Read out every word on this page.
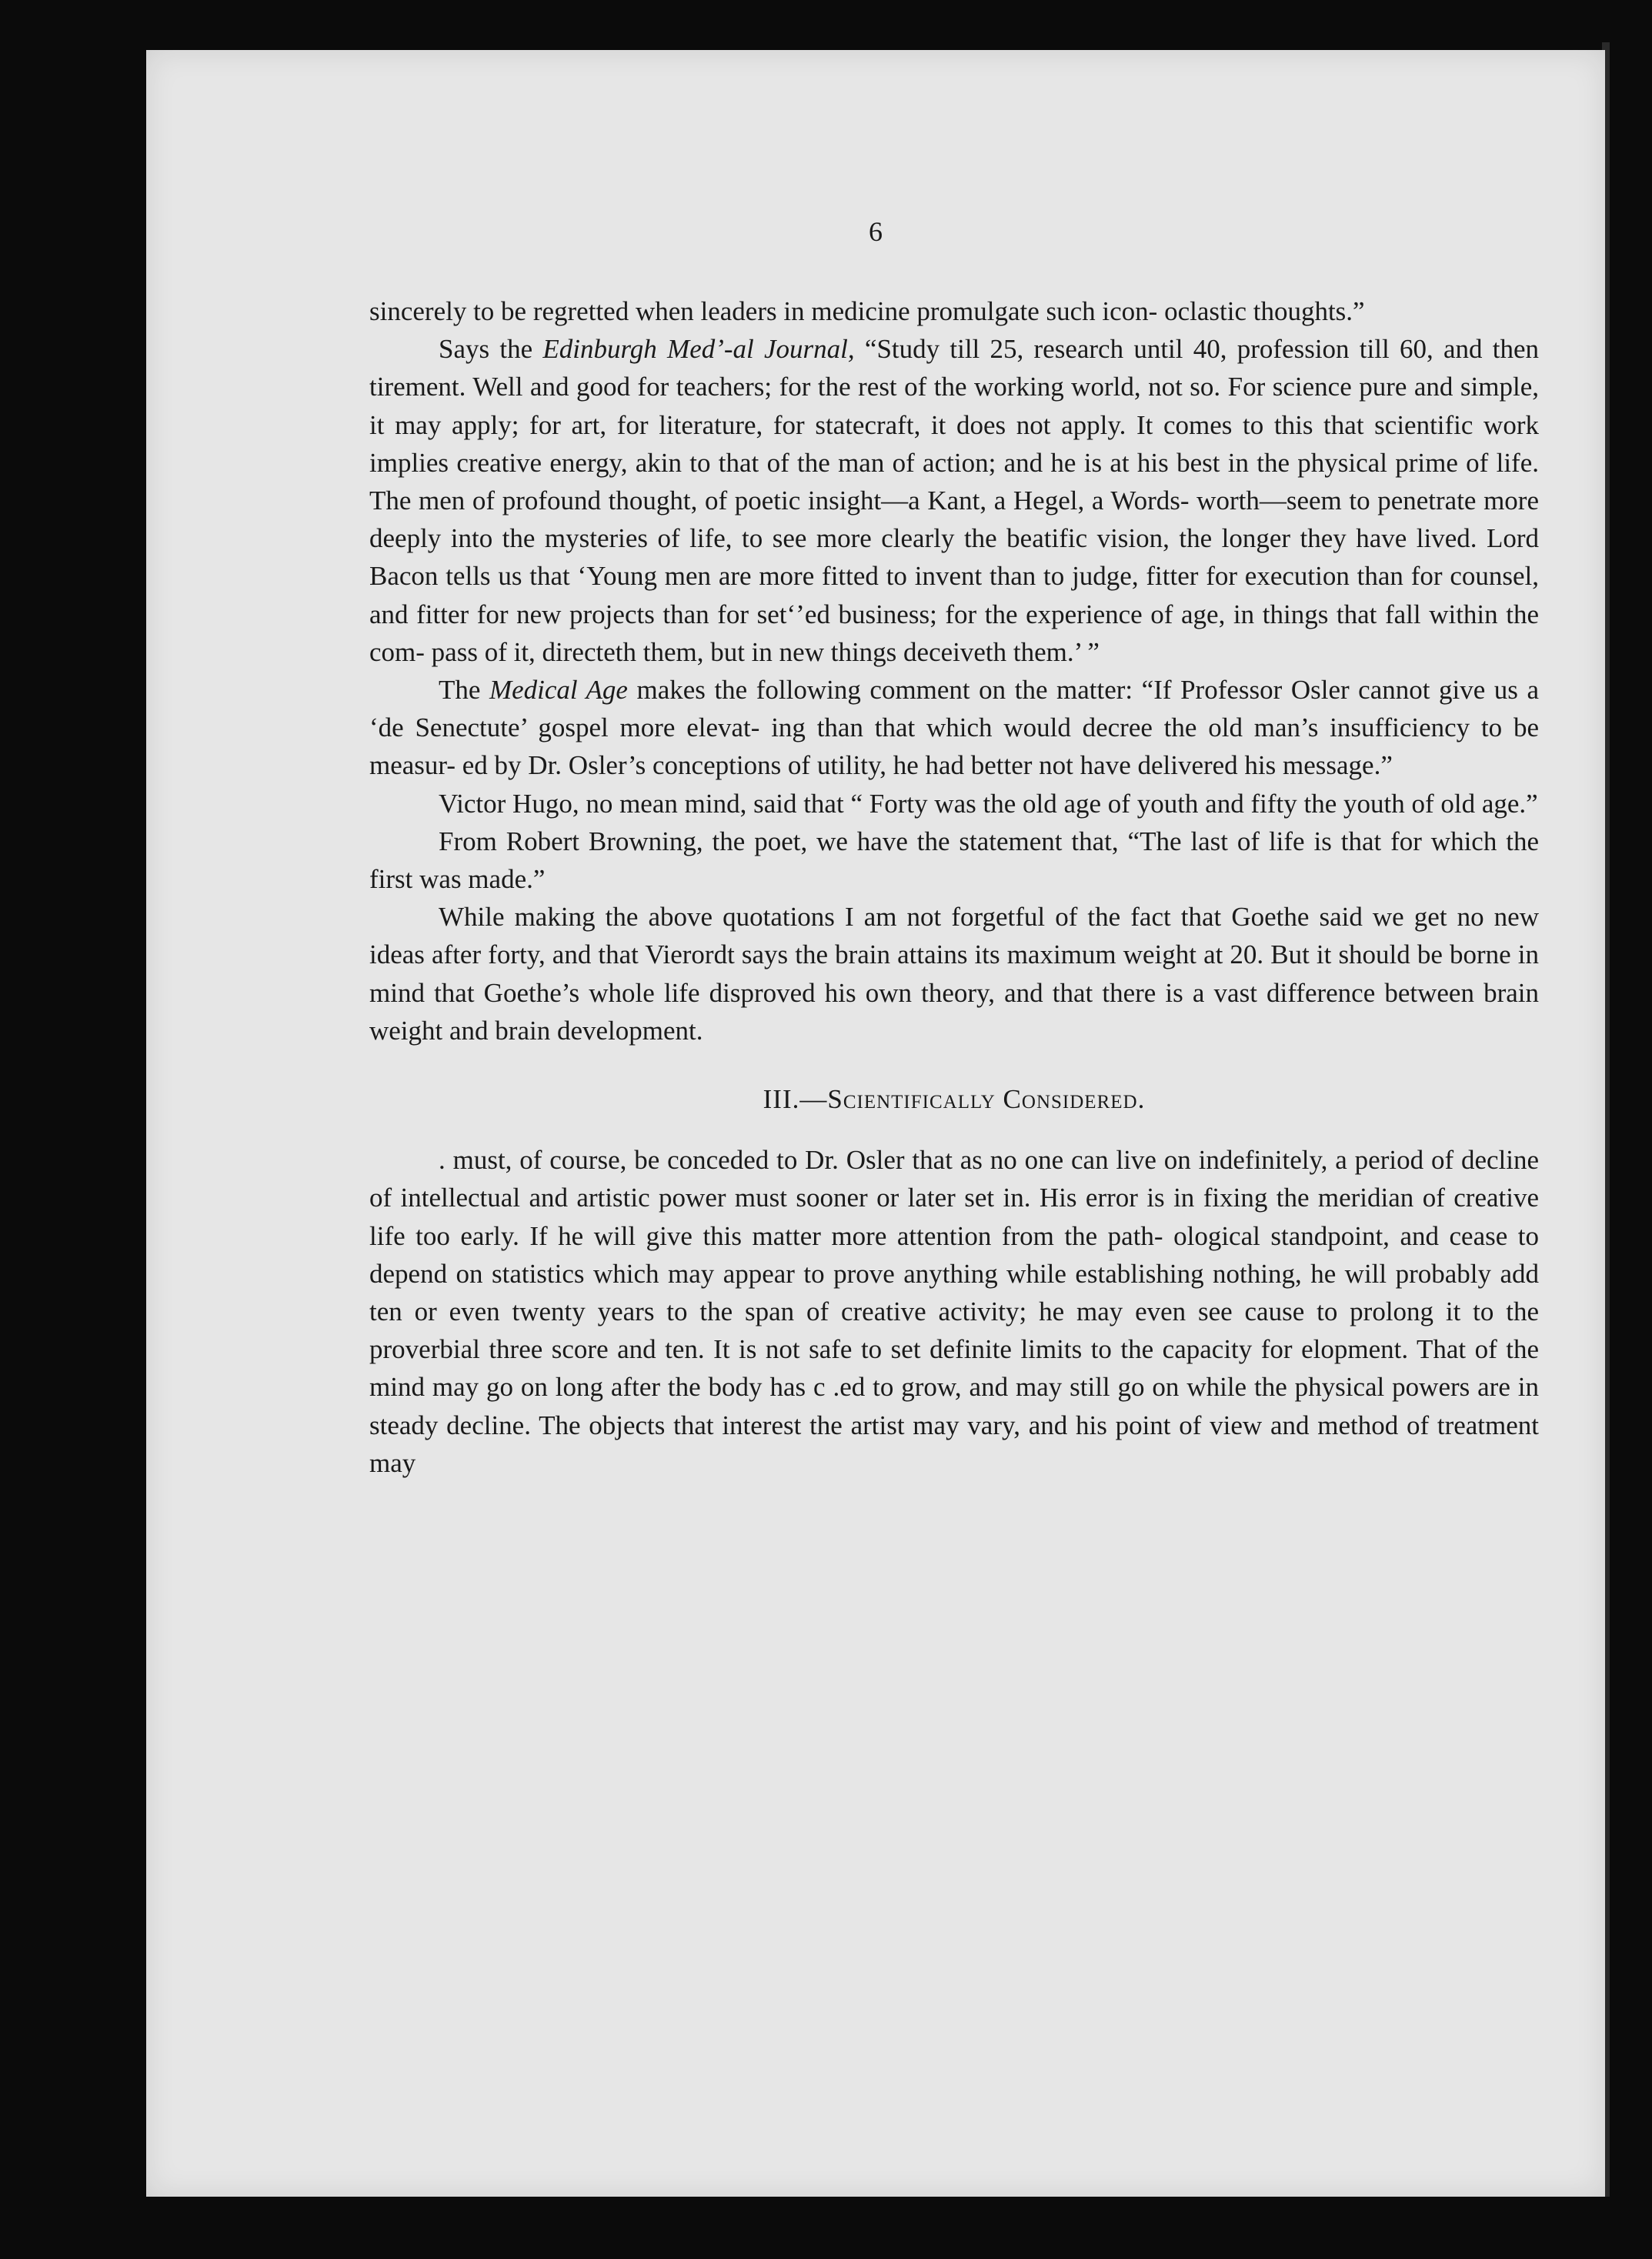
6

sincerely to be regretted when leaders in medicine promulgate such icon- oclastic thoughts.”

Says the Edinburgh Medʼ-al Journal, “Study till 25, research until 40, profession till 60, and then tirement. Well and good for teachers; for the rest of the working world, not so. For science pure and simple, it may apply; for art, for literature, for statecraft, it does not apply. It comes to this that scientific work implies creative energy, akin to that of the man of action; and he is at his best in the physical prime of life. The men of profound thought, of poetic insight—a Kant, a Hegel, a Words- worth—seem to penetrate more deeply into the mysteries of life, to see more clearly the beatific vision, the longer they have lived. Lord Bacon tells us that ‘Young men are more fitted to invent than to judge, fitter for execution than for counsel, and fitter for new projects than for set‘’ed business; for the experience of age, in things that fall within the com- pass of it, directeth them, but in new things deceiveth them.’ ”

The Medical Age makes the following comment on the matter: “If Professor Osler cannot give us a ‘de Senectute’ gospel more elevat- ing than that which would decree the old man’s insufficiency to be measur- ed by Dr. Osler’s conceptions of utility, he had better not have delivered his message.”

Victor Hugo, no mean mind, said that “ Forty was the old age of youth and fifty the youth of old age.”

From Robert Browning, the poet, we have the statement that, “The last of life is that for which the first was made.”

While making the above quotations I am not forgetful of the fact that Goethe said we get no new ideas after forty, and that Vierordt says the brain attains its maximum weight at 20. But it should be borne in mind that Goethe’s whole life disproved his own theory, and that there is a vast difference between brain weight and brain development.

III.—Scientifically Considered.

. must, of course, be conceded to Dr. Osler that as no one can live on indefinitely, a period of decline of intellectual and artistic power must sooner or later set in. His error is in fixing the meridian of creative life too early. If he will give this matter more attention from the path- ological standpoint, and cease to depend on statistics which may appear to prove anything while establishing nothing, he will probably add ten or even twenty years to the span of creative activity; he may even see cause to prolong it to the proverbial three score and ten. It is not safe to set definite limits to the capacity for elopment. That of the mind may go on long after the body has c .ed to grow, and may still go on while the physical powers are in steady decline. The objects that interest the artist may vary, and his point of view and method of treatment may
